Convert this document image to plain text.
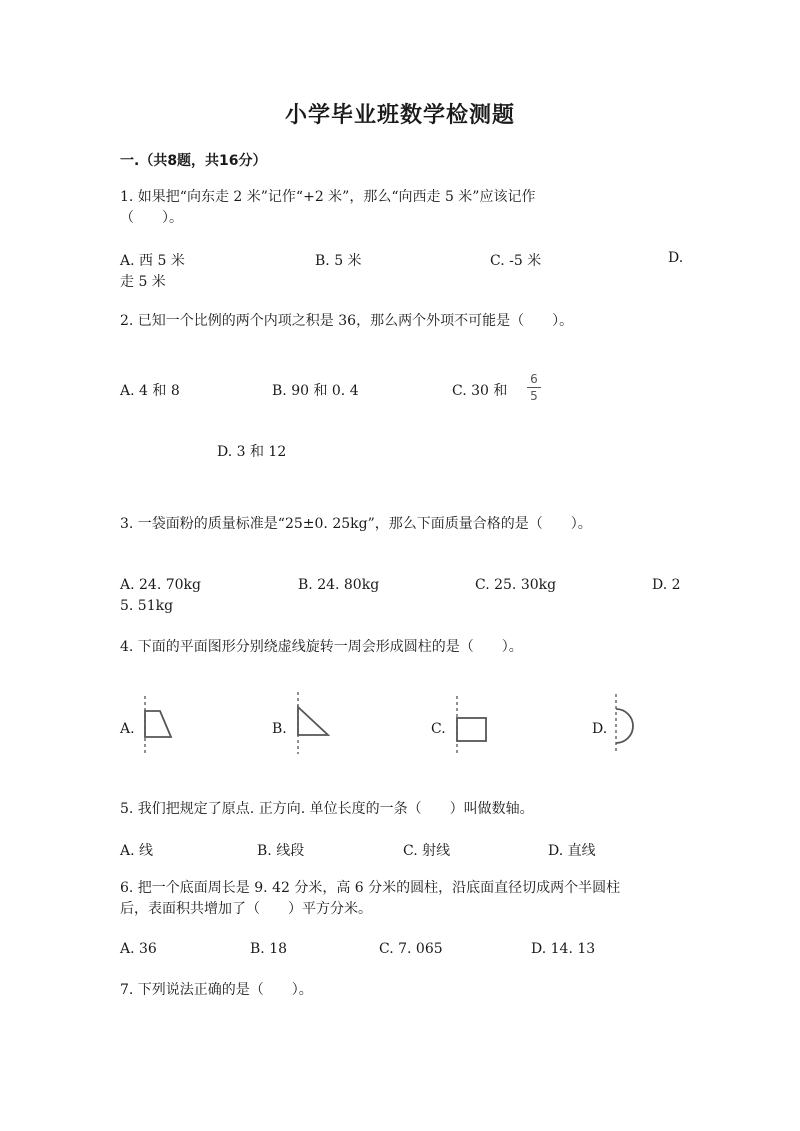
小学毕业班数学检测题
一.（共8题，共16分）
1. 如果把“向东走 2 米”记作“+2 米”，那么“向西走 5 米”应该记作
（　　）。
A. 西 5 米	B. 5 米	C. -5 米	D.
走 5 米
2. 已知一个比例的两个内项之积是 36，那么两个外项不可能是（　　）。
A. 4 和 8	B. 90 和 0. 4	C. 30 和
6
5
D. 3 和 12
3. 一袋面粉的质量标准是“25±0. 25kg”，那么下面质量合格的是（　　）。
A. 24. 70kg	B. 24. 80kg	C. 25. 30kg	D. 2
5. 51kg
4. 下面的平面图形分别绕虚线旋转一周会形成圆柱的是（　　）。
A.	B.	C.	D.
5. 我们把规定了原点. 正方向. 单位长度的一条（　　）叫做数轴。
A. 线	B. 线段	C. 射线	D. 直线
6. 把一个底面周长是 9. 42 分米，高 6 分米的圆柱，沿底面直径切成两个半圆柱
后，表面积共增加了（　　）平方分米。
A. 36	B. 18	C. 7. 065	D. 14. 13
7. 下列说法正确的是（　　）。
